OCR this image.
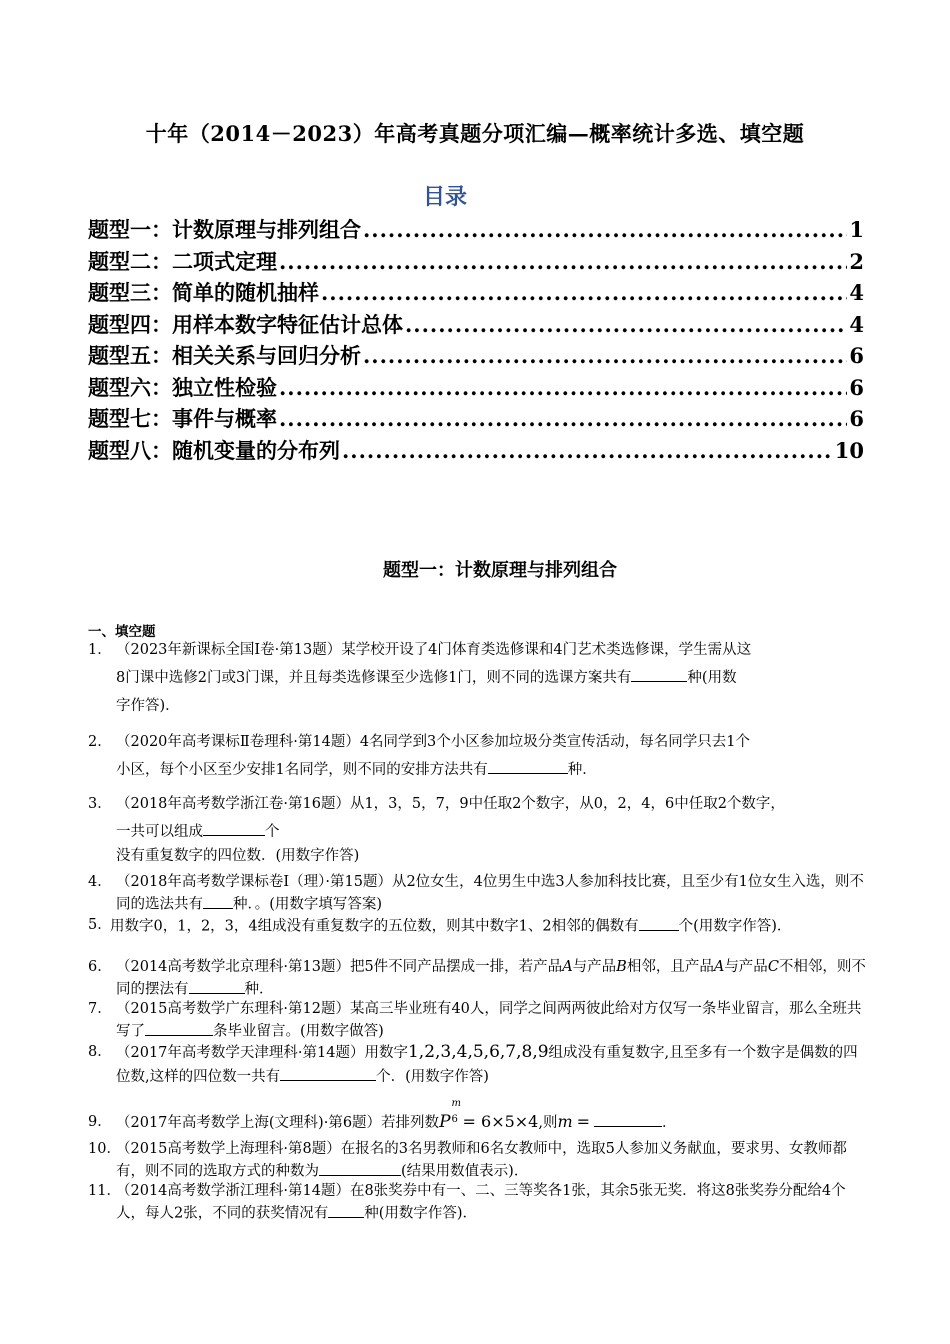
十年（2014－2023）年高考真题分项汇编—概率统计多选、填空题
目录
题型一：计数原理与排列组合 .....	1
题型二：二项式定理 .....	2
题型三：简单的随机抽样 .....	4
题型四：用样本数字特征估计总体 .....	4
题型五：相关关系与回归分析 .....	6
题型六：独立性检验 .....	6
题型七：事件与概率 .....	6
题型八：随机变量的分布列 .....	10
题型一：计数原理与排列组合
一、填空题
1． （2023年新课标全国Ⅰ卷·第13题）某学校开设了4门体育类选修课和4门艺术类选修课，学生需从这
8门课中选修2门或3门课，并且每类选修课至少选修1门，则不同的选课方案共有	种(用数
字作答)．
2． （2020年高考课标Ⅱ卷理科·第14题）4名同学到3个小区参加垃圾分类宣传活动，每名同学只去1个
小区，每个小区至少安排1名同学，则不同的安排方法共有	种．
3． （2018年高考数学浙江卷·第16题）从1，3，5，7，9中任取2个数字，从0，2，4，6中任取2个数字，
一共可以组成	个
没有重复数字的四位数．(用数字作答)
4． （2018年高考数学课标卷Ⅰ（理）·第15题）从2位女生，4位男生中选3人参加科技比赛，且至少有1位女生入选，则不同的选法共有 种．。(用数字填写答案)
5．
用数字0，1，2，3，4组成没有重复数字的五位数，则其中数字1、2相邻的偶数有	个(用数字作答)．
6． （2014高考数学北京理科·第13题）把5件不同产品摆成一排，若产品A与产品B相邻，且产品A与产品C不相邻，则不同的摆法有	种．
7． （2015高考数学广东理科·第12题）某高三毕业班有40人，同学之间两两彼此给对方仅写一条毕业留言，那么全班共写了	条毕业留言。(用数字做答)
8． （2017年高考数学天津理科·第14题）用数字1,2,3,4,5,6,7,8,9组成没有重复数字,且至多有一个数字是偶数的四位数,这样的四位数一共有	个．(用数字作答)
9． （2017年高考数学上海(文理科)·第6题）若排列数P
m
6 = 6×5×4,则m =	．
10．
（2015高考数学上海理科·第8题）在报名的3名男教师和6名女教师中，选取5人参加义务献血，要求男、女教师都有，则不同的选取方式的种数为	(结果用数值表示)．
11．
（2014高考数学浙江理科·第14题）在8张奖券中有一、二、三等奖各1张，其余5张无奖．将这8张奖券分配给4个人，每人2张，不同的获奖情况有 种(用数字作答)．
